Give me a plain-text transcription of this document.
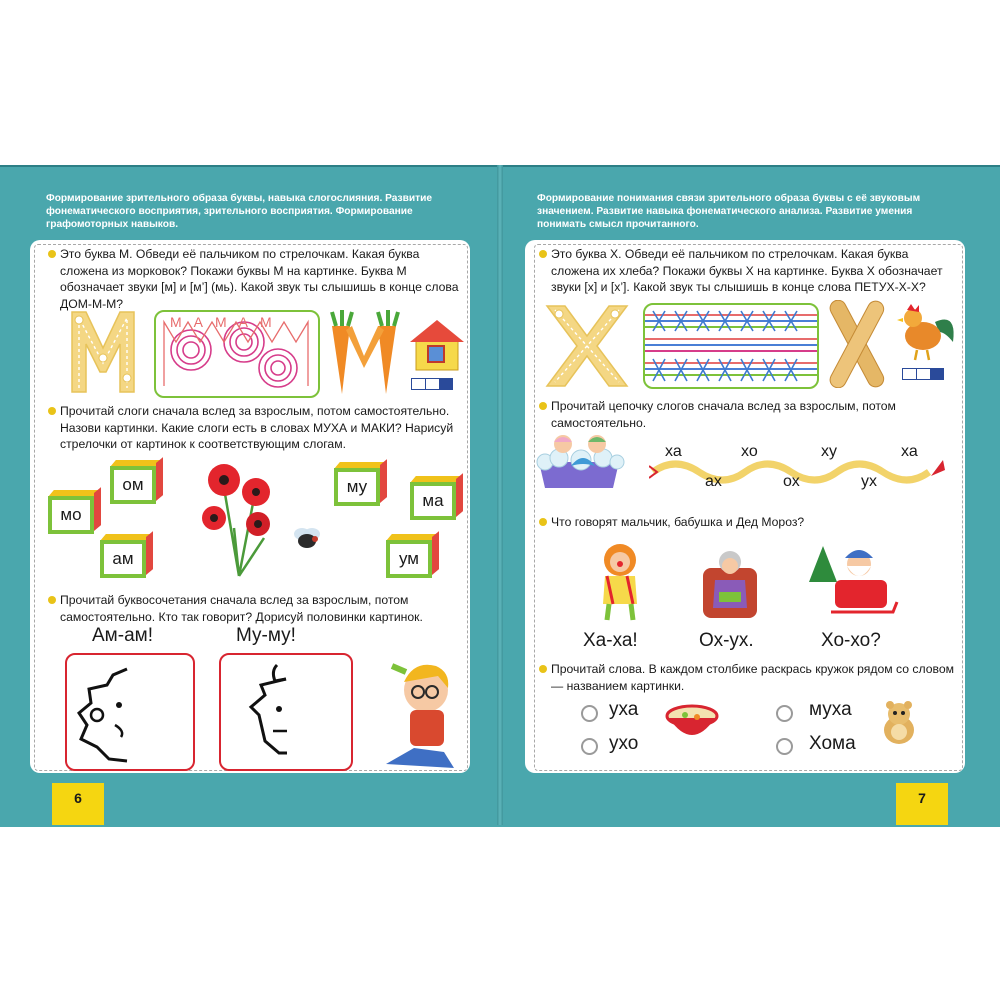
Формирование зрительного образа буквы, навыка слогослияния. Развитие фонематического восприятия, зрительного восприятия. Формирование графомоторных навыков.
Формирование понимания связи зрительного образа буквы с её звуковым значением. Развитие навыка фонематического анализа. Развитие умения понимать смысл прочитанного.
Это буква М. Обведи её пальчиком по стрелочкам. Какая буква сложена из морковок? Покажи буквы М на картинке. Буква М обозначает звуки [м] и [м’] (мь). Какой звук ты слышишь в конце слова ДОМ-М-М?
МАМАМ
Прочитай слоги сначала вслед за взрослым, потом самостоятельно. Назови картинки. Какие слоги есть в словах МУХА и МАКИ? Нарисуй стрелочки от картинок к соответствующим слогам.
мо
ом
ам
му
ма
ум
Прочитай буквосочетания сначала вслед за взрослым, потом самостоятельно. Кто так говорит? Дорисуй половинки картинок.
Ам-ам!	Му-му!
Это буква Х. Обведи её пальчиком по стрелочкам. Какая буква сложена их хлеба? Покажи буквы Х на картинке. Буква Х обозначает звуки [х] и [х’]. Какой звук ты слышишь в конце слова ПЕТУХ-Х-Х?
Прочитай цепочку слогов сначала вслед за взрослым, потом самостоятельно.
ха	хо	ху	ха
ах	ох	ух
Что говорят мальчик, бабушка и Дед Мороз?
Ха-ха!	Ох-ух.	Хо-хо?
Прочитай слова. В каждом столбике раскрась кружок рядом со словом — названием картинки.
уха
ухо
муха
Хома
6	7
